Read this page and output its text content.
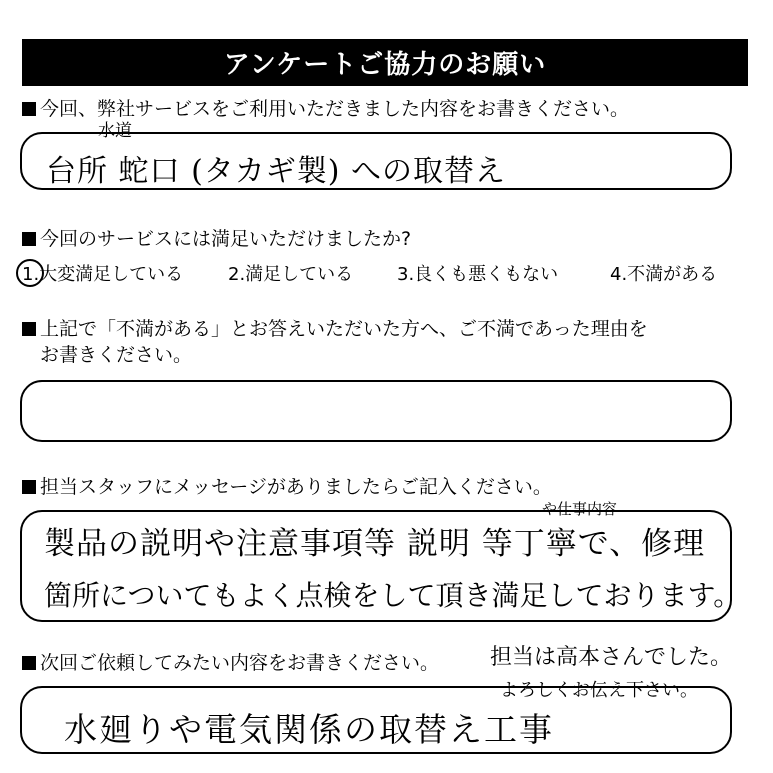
アンケートご協力のお願い
今回、弊社サービスをご利用いただきました内容をお書きください。
水道
台所 蛇口 (タカギ製) への取替え
今回のサービスには満足いただけましたか?
1.大変満足している 2.満足している 3.良くも悪くもない	4.不満がある
上記で「不満がある」とお答えいただいた方へ、ご不満であった理由を
お書きください。
担当スタッフにメッセージがありましたらご記入ください。
や仕事内容
製品の説明や注意事項等 説明 等丁寧で、修理
箇所についてもよく点検をして頂き満足しております。
次回ご依頼してみたい内容をお書きください。 担当は高本さんでした。
よろしくお伝え下さい。
水廻りや電気関係の取替え工事
